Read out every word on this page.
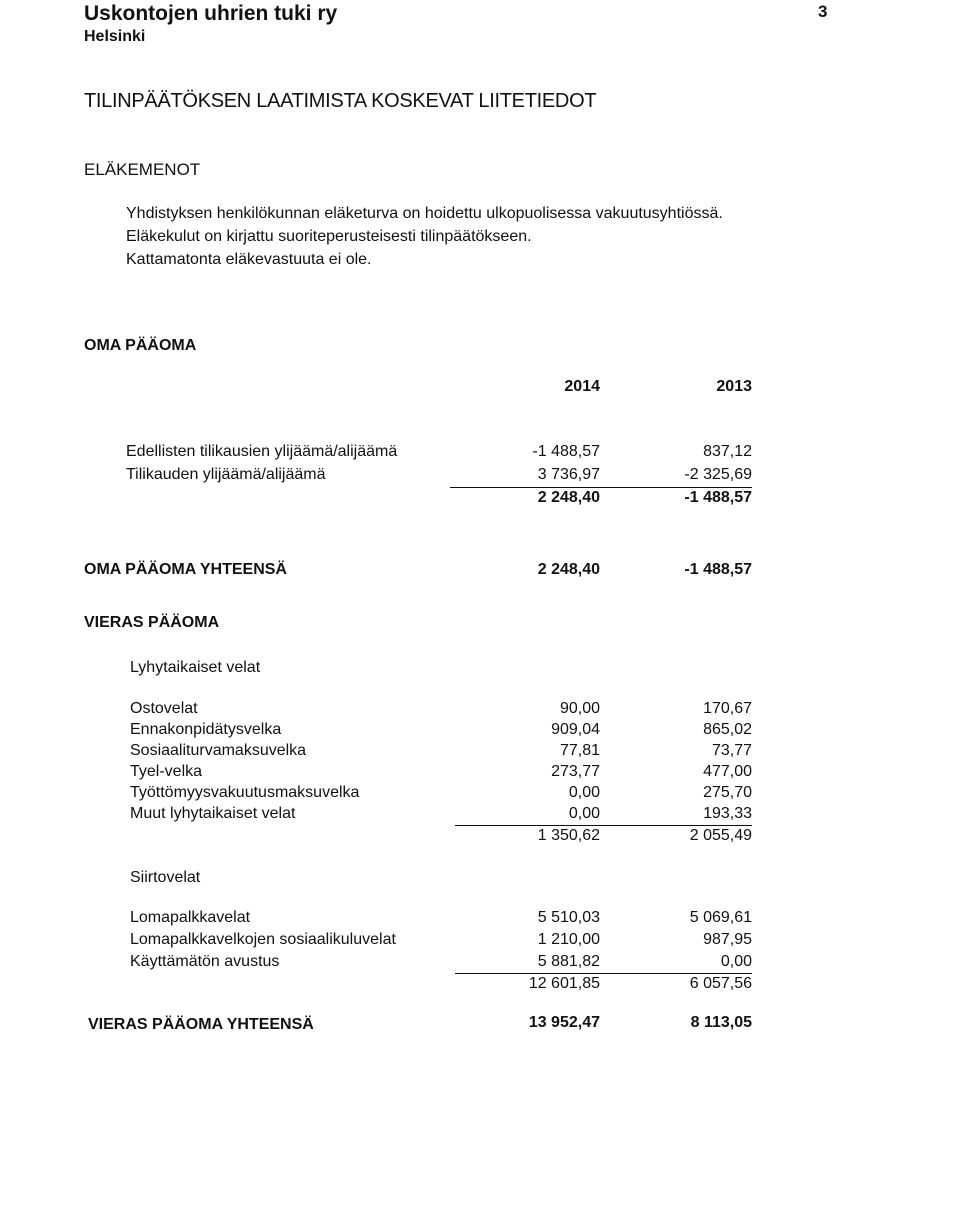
Uskontojen uhrien tuki ry
Helsinki
3
TILINPÄÄTÖKSEN LAATIMISTA KOSKEVAT LIITETIEDOT
ELÄKEMENOT
Yhdistyksen henkilökunnan eläketurva on hoidettu ulkopuolisessa vakuutusyhtiössä.
Eläkekulut on kirjattu suoriteperusteisesti tilinpäätökseen.
Kattamatonta eläkevastuuta ei ole.
OMA PÄÄOMA
2014	2013
Edellisten tilikausien ylijäämä/alijäämä	-1 488,57	837,12
Tilikauden ylijäämä/alijäämä	3 736,97	-2 325,69
2 248,40	-1 488,57
OMA PÄÄOMA YHTEENSÄ	2 248,40	-1 488,57
VIERAS PÄÄOMA
Lyhytaikaiset velat
Ostovelat	90,00	170,67
Ennakonpidätysvelka	909,04	865,02
Sosiaaliturvamaksuvelka	77,81	73,77
Tyel-velka	273,77	477,00
Työttömyysvakuutusmaksuvelka	0,00	275,70
Muut lyhytaikaiset velat	0,00	193,33
1 350,62	2 055,49
Siirtovelat
Lomapalkkavelat	5 510,03	5 069,61
Lomapalkkavelkojen sosiaalikuluvelat	1 210,00	987,95
Käyttämätön avustus	5 881,82	0,00
12 601,85	6 057,56
VIERAS PÄÄOMA YHTEENSÄ	13 952,47	8 113,05
